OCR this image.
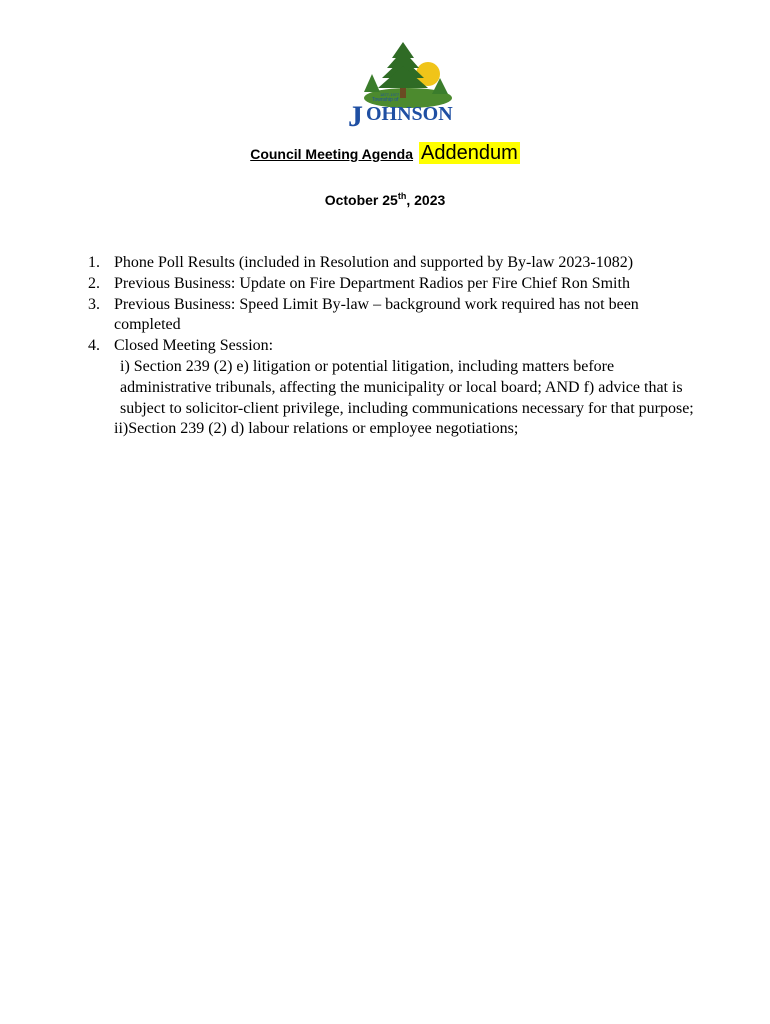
1877-1977
Township of
J OHNSON
Council Meeting Agenda Addendum
October 25th, 2023
1. Phone Poll Results (included in Resolution and supported by By-law 2023-1082)
2. Previous Business: Update on Fire Department Radios per Fire Chief Ron Smith
3. Previous Business: Speed Limit By-law – background work required has not been completed
4. Closed Meeting Session:
i) Section 239 (2) e) litigation or potential litigation, including matters before administrative tribunals, affecting the municipality or local board; AND f) advice that is subject to solicitor-client privilege, including communications necessary for that purpose;
ii)Section 239 (2) d) labour relations or employee negotiations;
